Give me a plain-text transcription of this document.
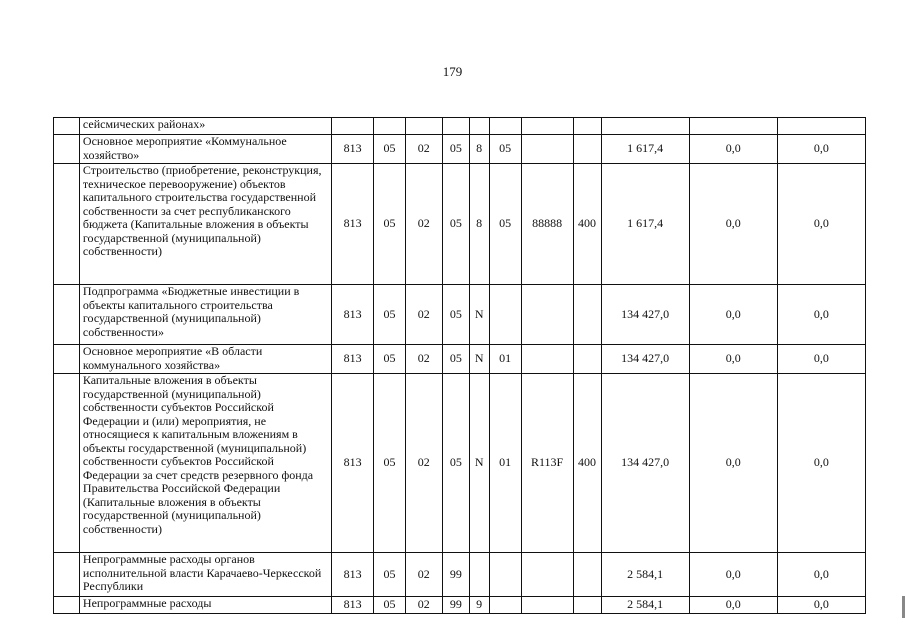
179
	сейсмических районах»											
	Основное мероприятие «Коммунальное хозяйство»	813	05	02	05	8	05			1 617,4	0,0	0,0
	Строительство (приобретение, реконструкция, техническое перевооружение) объектов капитального строительства государственной собственности за счет республиканского бюджета (Капитальные вложения в объекты государственной (муниципальной) собственности)	813	05	02	05	8	05	88888	400	1 617,4	0,0	0,0
	Подпрограмма «Бюджетные инвестиции в объекты капитального строительства государственной (муниципальной) собственности»	813	05	02	05	N				134 427,0	0,0	0,0
	Основное мероприятие «В области коммунального хозяйства»	813	05	02	05	N	01			134 427,0	0,0	0,0
	Капитальные вложения в объекты государственной (муниципальной) собственности субъектов Российской Федерации и (или) мероприятия, не относящиеся к капитальным вложениям в объекты государственной (муниципальной) собственности субъектов Российской Федерации за счет средств резервного фонда Правительства Российской Федерации (Капитальные вложения в объекты государственной (муниципальной) собственности)	813	05	02	05	N	01	R113F	400	134 427,0	0,0	0,0
	Непрограммные расходы органов исполнительной власти Карачаево-Черкесской Республики	813	05	02	99					2 584,1	0,0	0,0
	Непрограммные расходы	813	05	02	99	9				2 584,1	0,0	0,0
